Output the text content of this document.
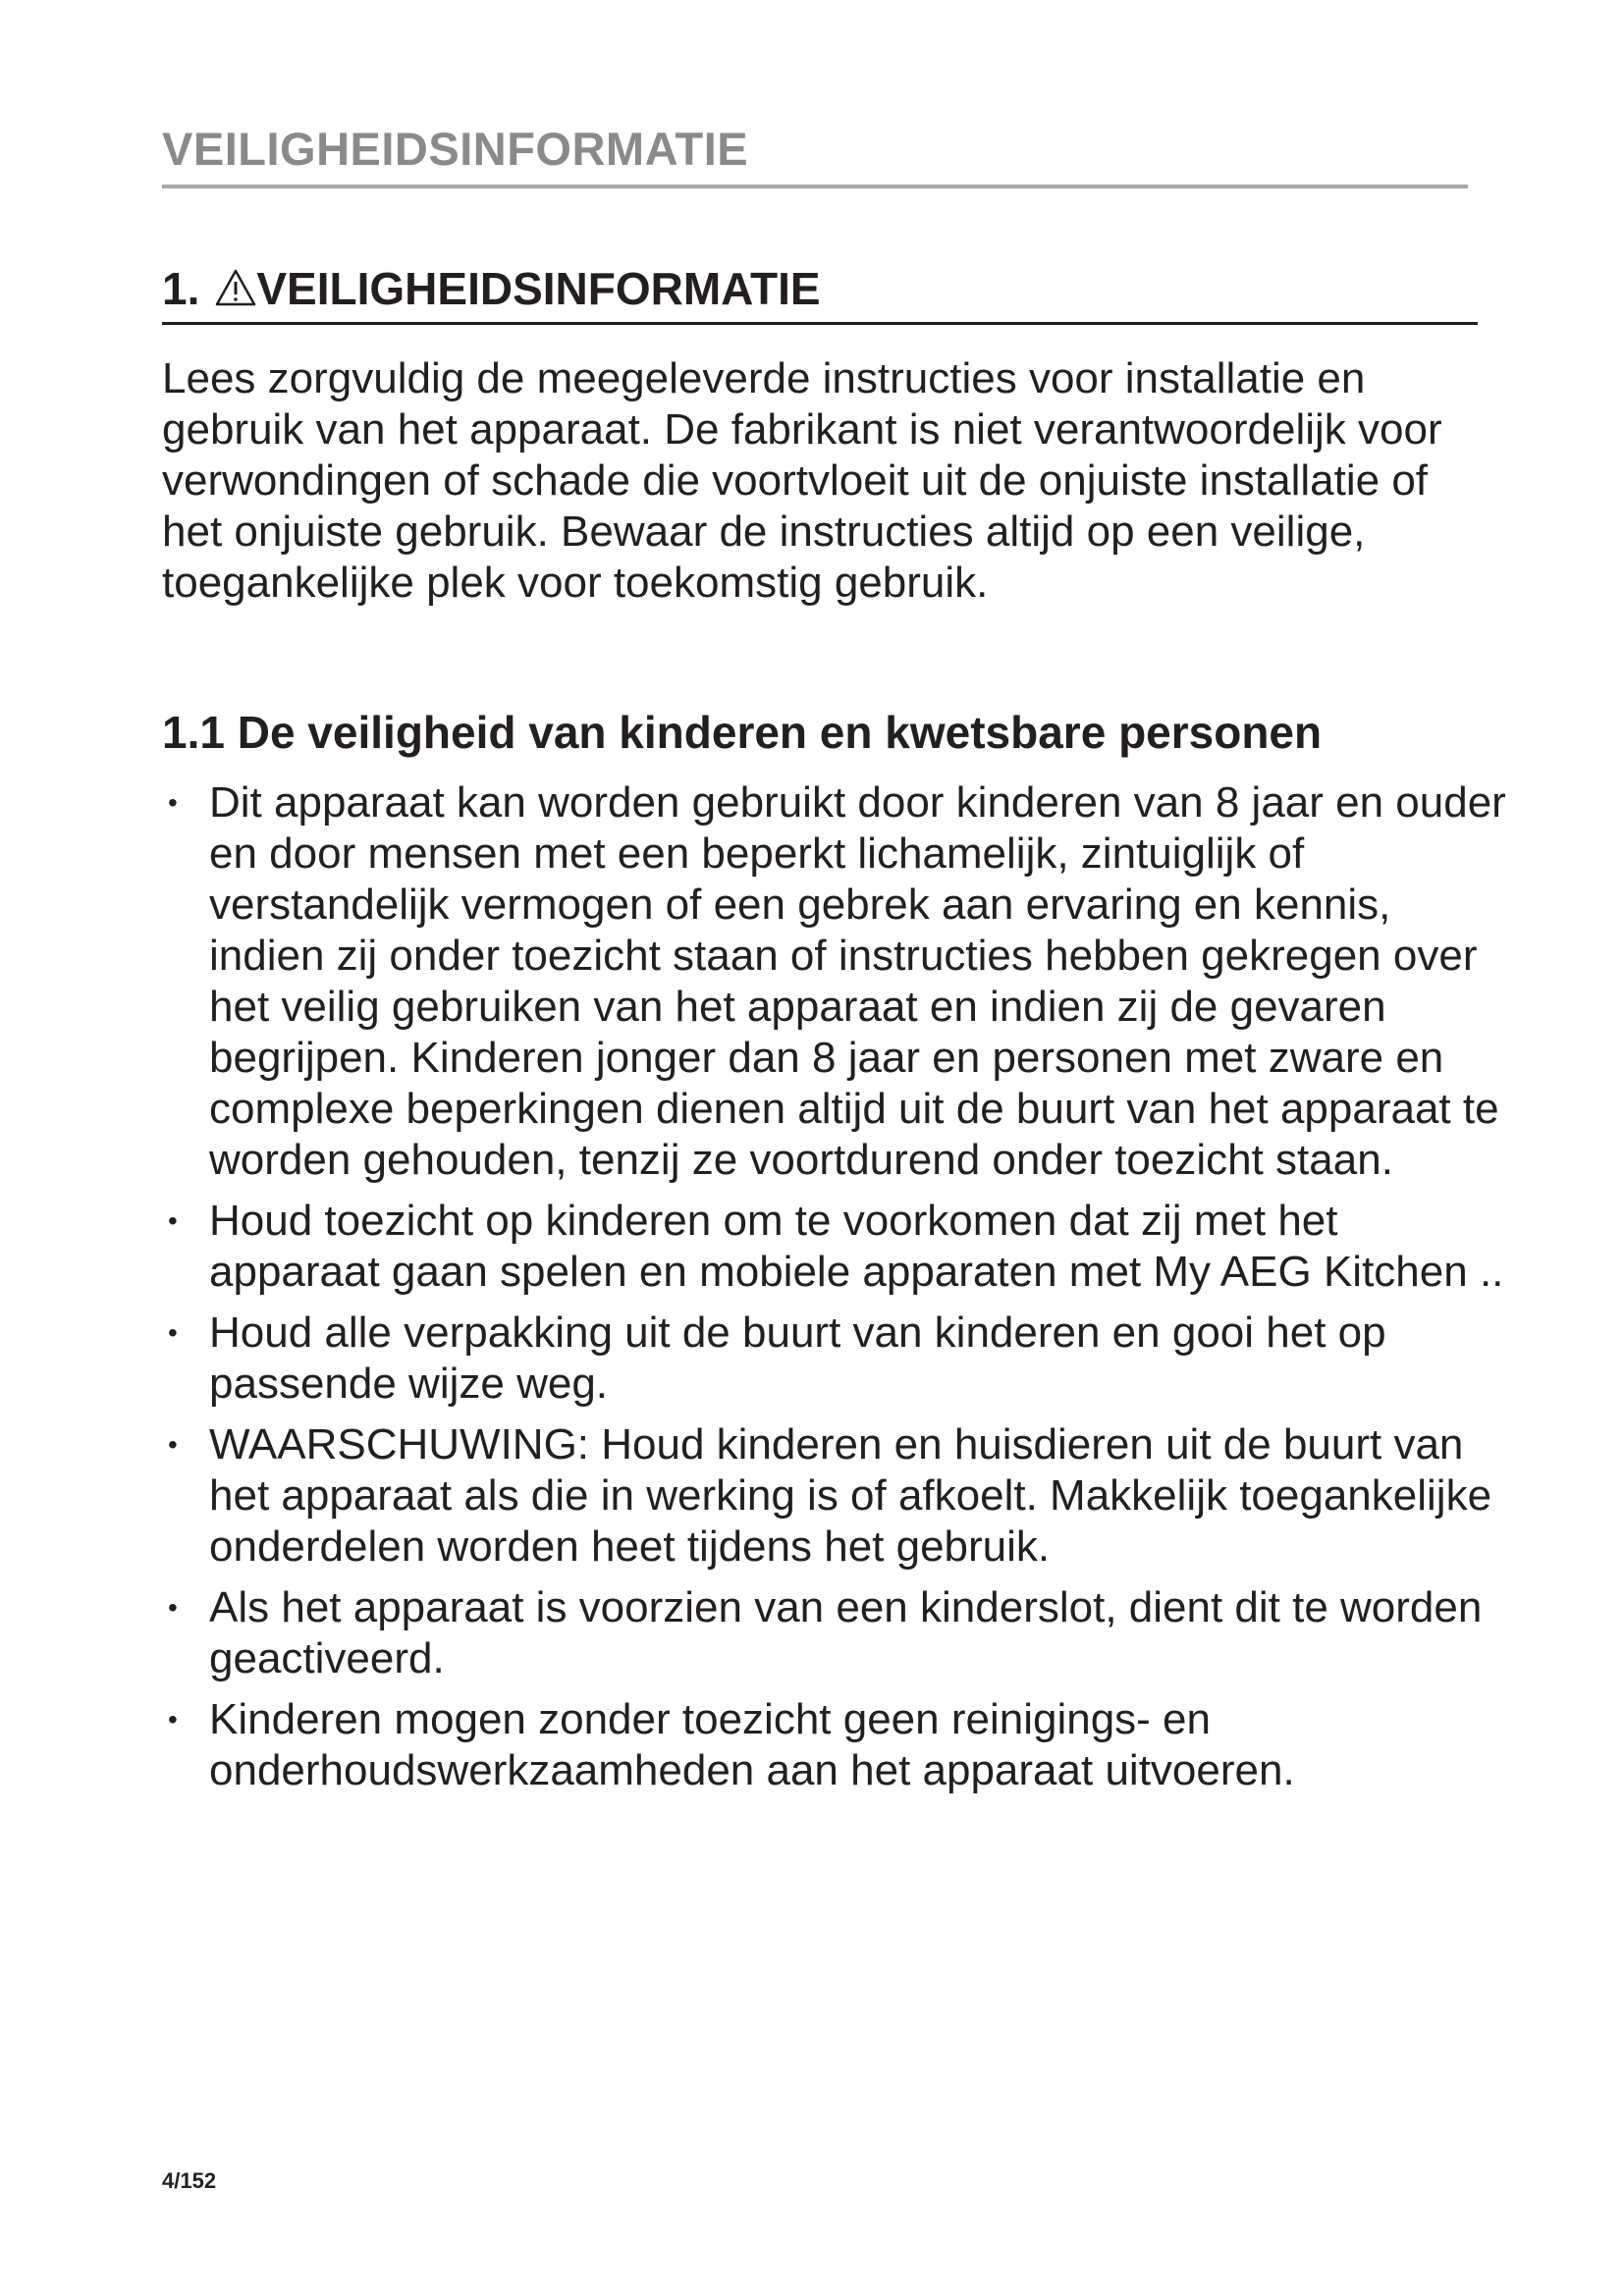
VEILIGHEIDSINFORMATIE
1. VEILIGHEIDSINFORMATIE

Lees zorgvuldig de meegeleverde instructies voor installatie en gebruik van het apparaat. De fabrikant is niet verantwoordelijk voor verwondingen of schade die voortvloeit uit de onjuiste installatie of het onjuiste gebruik. Bewaar de instructies altijd op een veilige, toegankelijke plek voor toekomstig gebruik.

1.1 De veiligheid van kinderen en kwetsbare personen
• Dit apparaat kan worden gebruikt door kinderen van 8 jaar en ouder en door mensen met een beperkt lichamelijk, zintuiglijk of verstandelijk vermogen of een gebrek aan ervaring en kennis, indien zij onder toezicht staan of instructies hebben gekregen over het veilig gebruiken van het apparaat en indien zij de gevaren begrijpen. Kinderen jonger dan 8 jaar en personen met zware en complexe beperkingen dienen altijd uit de buurt van het apparaat te worden gehouden, tenzij ze voortdurend onder toezicht staan.
• Houd toezicht op kinderen om te voorkomen dat zij met het apparaat gaan spelen en mobiele apparaten met My AEG Kitchen ..
• Houd alle verpakking uit de buurt van kinderen en gooi het op passende wijze weg.
• WAARSCHUWING: Houd kinderen en huisdieren uit de buurt van het apparaat als die in werking is of afkoelt. Makkelijk toegankelijke onderdelen worden heet tijdens het gebruik.
• Als het apparaat is voorzien van een kinderslot, dient dit te worden geactiveerd.
• Kinderen mogen zonder toezicht geen reinigings- en onderhoudswerkzaamheden aan het apparaat uitvoeren.
4/152
